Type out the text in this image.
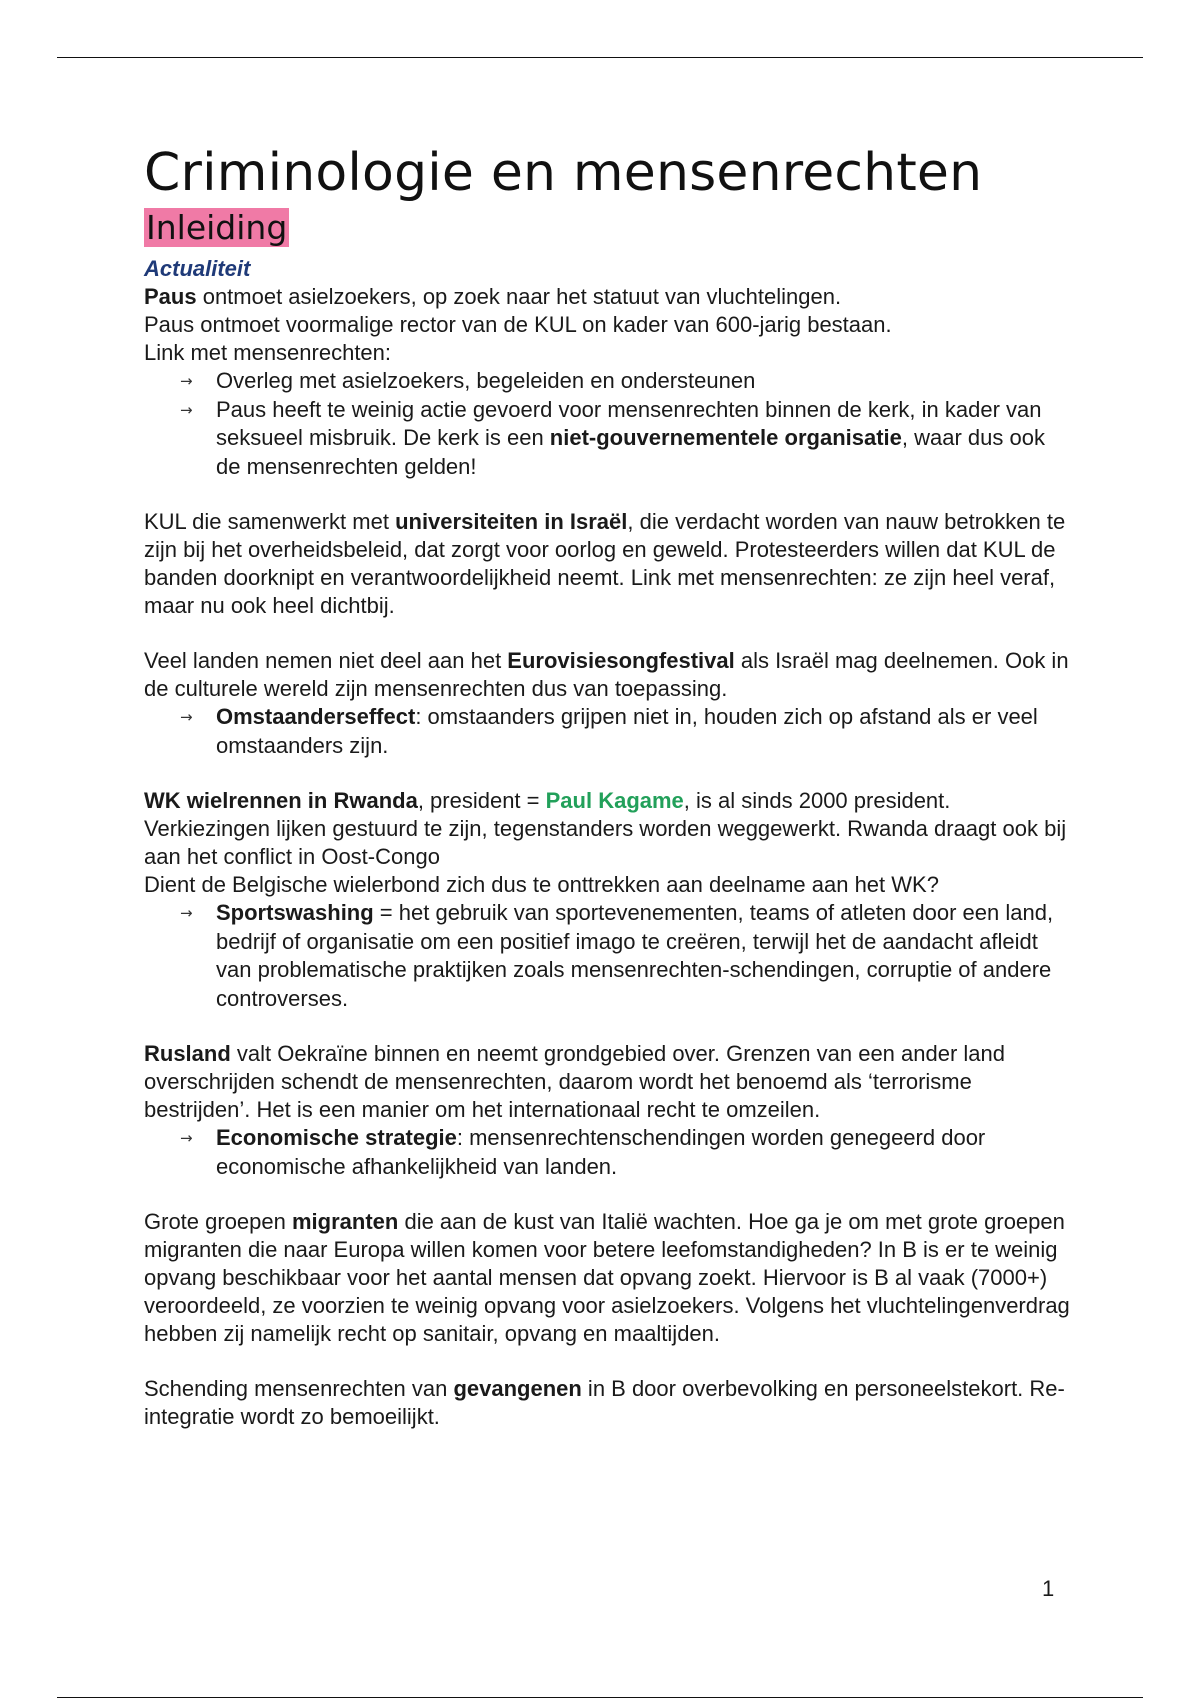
Criminologie en mensenrechten
Inleiding
Actualiteit

Paus ontmoet asielzoekers, op zoek naar het statuut van vluchtelingen.

Paus ontmoet voormalige rector van de KUL on kader van 600-jarig bestaan.

Link met mensenrechten:

→ Overleg met asielzoekers, begeleiden en ondersteunen
→ Paus heeft te weinig actie gevoerd voor mensenrechten binnen de kerk, in kader van seksueel misbruik. De kerk is een niet-gouvernementele organisatie, waar dus ook de mensenrechten gelden!

KUL die samenwerkt met universiteiten in Israël, die verdacht worden van nauw betrokken te zijn bij het overheidsbeleid, dat zorgt voor oorlog en geweld. Protesteerders willen dat KUL de banden doorknipt en verantwoordelijkheid neemt. Link met mensenrechten: ze zijn heel veraf, maar nu ook heel dichtbij.

Veel landen nemen niet deel aan het Eurovisiesongfestival als Israël mag deelnemen. Ook in de culturele wereld zijn mensenrechten dus van toepassing.

→ Omstaanderseffect: omstaanders grijpen niet in, houden zich op afstand als er veel omstaanders zijn.

WK wielrennen in Rwanda, president = Paul Kagame, is al sinds 2000 president. Verkiezingen lijken gestuurd te zijn, tegenstanders worden weggewerkt. Rwanda draagt ook bij aan het conflict in Oost-Congo

Dient de Belgische wielerbond zich dus te onttrekken aan deelname aan het WK?

→ Sportswashing = het gebruik van sportevenementen, teams of atleten door een land, bedrijf of organisatie om een positief imago te creëren, terwijl het de aandacht afleidt van problematische praktijken zoals mensenrechten-schendingen, corruptie of andere controverses.

Rusland valt Oekraïne binnen en neemt grondgebied over. Grenzen van een ander land overschrijden schendt de mensenrechten, daarom wordt het benoemd als ‘terrorisme bestrijden’. Het is een manier om het internationaal recht te omzeilen.

→ Economische strategie: mensenrechtenschendingen worden genegeerd door economische afhankelijkheid van landen.

Grote groepen migranten die aan de kust van Italië wachten. Hoe ga je om met grote groepen migranten die naar Europa willen komen voor betere leefomstandigheden? In B is er te weinig opvang beschikbaar voor het aantal mensen dat opvang zoekt. Hiervoor is B al vaak (7000+) veroordeeld, ze voorzien te weinig opvang voor asielzoekers. Volgens het vluchtelingenverdrag hebben zij namelijk recht op sanitair, opvang en maaltijden.

Schending mensenrechten van gevangenen in B door overbevolking en personeelstekort. Re-integratie wordt zo bemoeilijkt.

1
